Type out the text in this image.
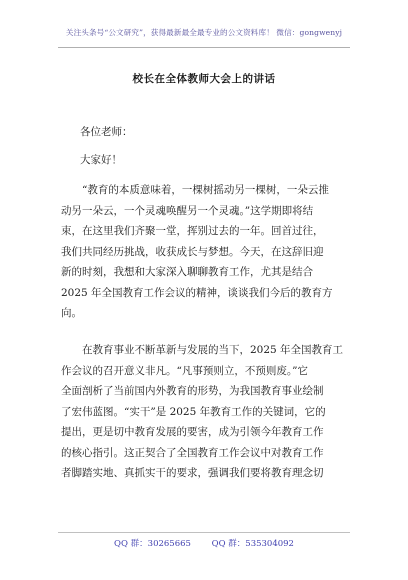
关注头条号“公文研究”，获得最新最全最专业的公文资料库！ 微信：gongwenyj
校长在全体教师大会上的讲话
各位老师：
大家好！
“教育的本质意味着，一棵树摇动另一棵树，一朵云推
动另一朵云，一个灵魂唤醒另一个灵魂。”这学期即将结
束，在这里我们齐聚一堂，挥别过去的一年。回首过往，
我们共同经历挑战，收获成长与梦想。今天，在这辞旧迎
新的时刻，我想和大家深入聊聊教育工作，尤其是结合
2025 年全国教育工作会议的精神，谈谈我们今后的教育方
向。
在教育事业不断革新与发展的当下，2025 年全国教育工
作会议的召开意义非凡。“凡事预则立，不预则废。”它
全面剖析了当前国内外教育的形势，为我国教育事业绘制
了宏伟蓝图。“实干”是 2025 年教育工作的关键词，它的
提出，更是切中教育发展的要害，成为引领今年教育工作
的核心指引。这正契合了全国教育工作会议中对教育工作
者脚踏实地、真抓实干的要求，强调我们要将教育理念切
QQ 群：30265665 QQ 群：535304092
